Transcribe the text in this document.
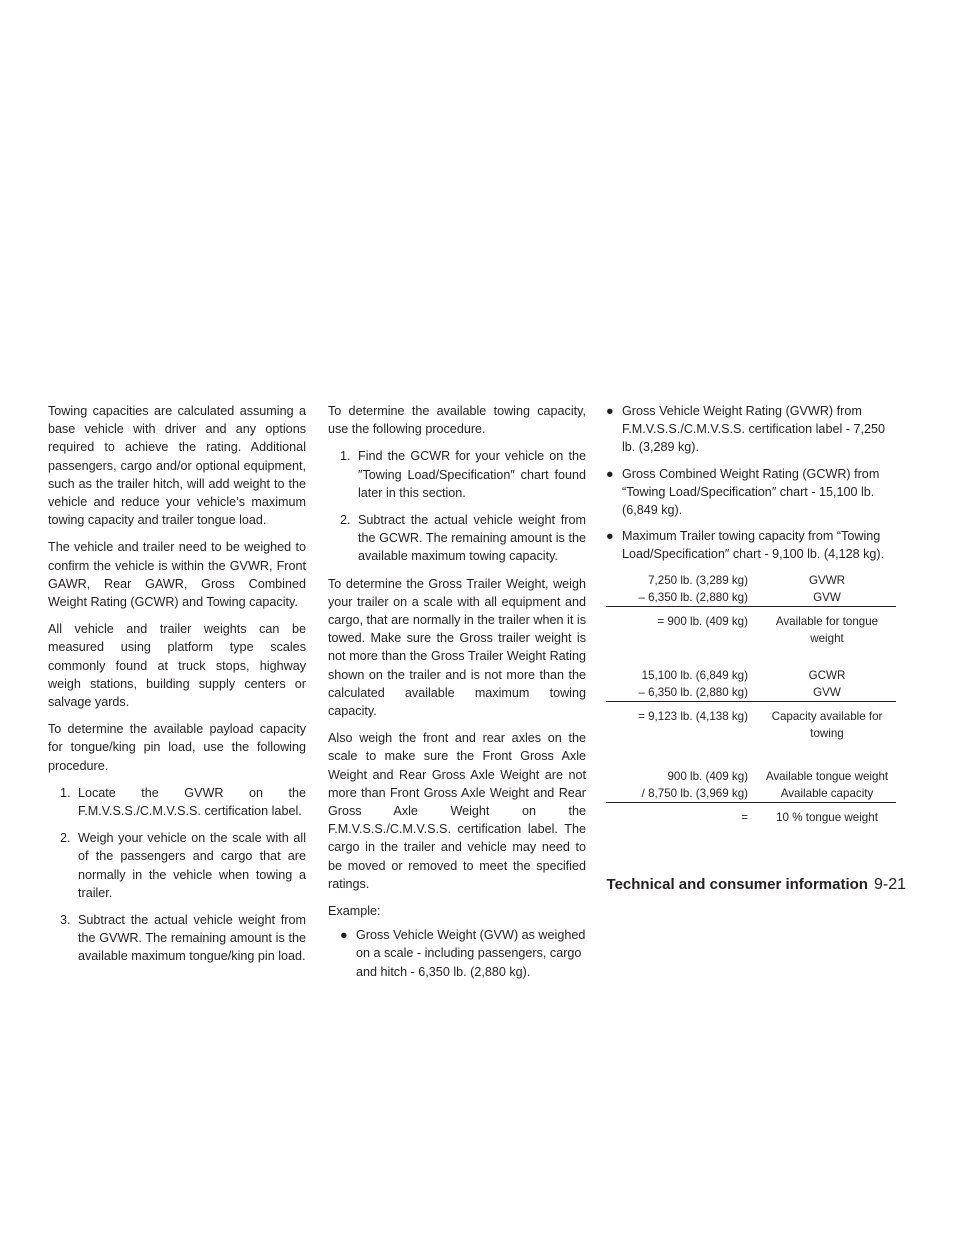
Towing capacities are calculated assuming a base vehicle with driver and any options required to achieve the rating. Additional passengers, cargo and/or optional equipment, such as the trailer hitch, will add weight to the vehicle and reduce your vehicle’s maximum towing capacity and trailer tongue load.

The vehicle and trailer need to be weighed to confirm the vehicle is within the GVWR, Front GAWR, Rear GAWR, Gross Combined Weight Rating (GCWR) and Towing capacity.

All vehicle and trailer weights can be measured using platform type scales commonly found at truck stops, highway weigh stations, building supply centers or salvage yards.

To determine the available payload capacity for tongue/king pin load, use the following procedure.

1. Locate the GVWR on the F.M.V.S.S./C.M.V.S.S. certification label.
2. Weigh your vehicle on the scale with all of the passengers and cargo that are normally in the vehicle when towing a trailer.
3. Subtract the actual vehicle weight from the GVWR. The remaining amount is the available maximum tongue/king pin load.

To determine the available towing capacity, use the following procedure.

1. Find the GCWR for your vehicle on the ″Towing Load/Specification″ chart found later in this section.
2. Subtract the actual vehicle weight from the GCWR. The remaining amount is the available maximum towing capacity.

To determine the Gross Trailer Weight, weigh your trailer on a scale with all equipment and cargo, that are normally in the trailer when it is towed. Make sure the Gross trailer weight is not more than the Gross Trailer Weight Rating shown on the trailer and is not more than the calculated available maximum towing capacity.

Also weigh the front and rear axles on the scale to make sure the Front Gross Axle Weight and Rear Gross Axle Weight are not more than Front Gross Axle Weight and Rear Gross Axle Weight on the F.M.V.S.S./C.M.V.S.S. certification label. The cargo in the trailer and vehicle may need to be moved or removed to meet the specified ratings.

Example:

● Gross Vehicle Weight (GVW) as weighed on a scale - including passengers, cargo and hitch - 6,350 lb. (2,880 kg).
● Gross Vehicle Weight Rating (GVWR) from F.M.V.S.S./C.M.V.S.S. certification label - 7,250 lb. (3,289 kg).
● Gross Combined Weight Rating (GCWR) from “Towing Load/Specification″ chart - 15,100 lb. (6,849 kg).
● Maximum Trailer towing capacity from “Towing Load/Specification″ chart - 9,100 lb. (4,128 kg).
7,250 lb. (3,289 kg)	GVWR
– 6,350 lb. (2,880 kg)	GVW
= 900 lb. (409 kg)	Available for tongue weight
15,100 lb. (6,849 kg)	GCWR
– 6,350 lb. (2,880 kg)	GVW
= 9,123 lb. (4,138 kg)	Capacity available for towing
900 lb. (409 kg)	Available tongue weight
/ 8,750 lb. (3,969 kg)	Available capacity
=	10 % tongue weight
Technical and consumer information 9-21
